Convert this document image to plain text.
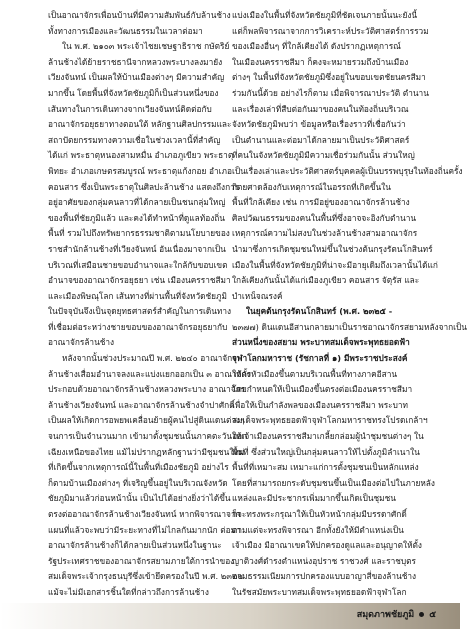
เป็นอาณาจักรเพื่อนบ้านที่มีความสัมพันธ์กับล้านช้าง
ทั้งทางการเมืองและวัฒนธรรมในเวลาต่อมา
ใน พ.ศ. ๒๑๐๓ พระเจ้าไชยเชษฐาธิราช กษัตริย์
ล้านช้างได้ย้ายราชธานีจากหลวงพระบางลงมายัง
เวียงจันทน์ เป็นผลให้บ้านเมืองต่างๆ มีความสำคัญ
มากขึ้น โดยพื้นที่จังหวัดชัยภูมิก็เป็นส่วนหนึ่งของ
เส้นทางในการเดินทางจากเวียงจันทน์ติดต่อกับ
อาณาจักรอยุธยาทางตอนใต้ หลักฐานศิลปกรรมและ
สถาปัตยกรรมทางความเชื่อในช่วงเวลานี้ที่สำคัญ
ได้แก่ พระธาตุหนองสามหมื่น อำเภอภูเขียว พระธาตุ
พิทยะ อำเภอเกษตรสมบูรณ์ พระธาตุแก้งกอย อำเภอ
คอนสาร ซึ่งเป็นพระธาตุในศิลปะล้านช้าง แสดงถึงการ
อยู่อาศัยของกลุ่มคนลาวที่ได้กลายเป็นชนกลุ่มใหญ่
ของพื้นที่ชัยภูมิแล้ว และคงได้ทำหน้าที่ดูแลท้องถิ่น
พื้นที่ รวมไปถึงทรัพยากรธรรมชาติตามนโยบายของ
ราชสำนักล้านช้างที่เวียงจันทน์ อันเนื่องมาจากเป็น
บริเวณที่เสมือนชายขอบอำนาจและใกล้กับขอบเขต
อำนาจของอาณาจักรอยุธยา เช่น เมืองนครราชสีมา
และเมืองพิษณุโลก เส้นทางที่ผ่านพื้นที่จังหวัดชัยภูมิ
ในปัจจุบันจึงเป็นจุดยุทธศาสตร์สำคัญในการเดินทาง
ที่เชื่อมต่อระหว่างชายขอบของอาณาจักรอยุธยากับ
อาณาจักรล้านช้าง
หลังจากนั้นช่วงประมาณปี พ.ศ. ๒๒๔๐ อาณาจักร
ล้านช้างเสื่อมอำนาจลงและแบ่งแยกออกเป็น ๓ อาณาจักร
ประกอบด้วยอาณาจักรล้านช้างหลวงพระบาง อาณาจักร
ล้านช้างเวียงจันทน์ และอาณาจักรล้านช้างจำปาศักดิ์
เป็นผลให้เกิดการอพยพเคลื่อนย้ายผู้คนไปสู่ดินแดนต่างๆ
จนการเป็นจำนวนมาก เข้ามาตั้งชุมชนนั้นภาคตะวันออก
เฉียงเหนือของไทย แม้ไม่ปรากฏหลักฐานว่ามีชุมชนใหม่
ที่เกิดขึ้นจากเหตุการณ์นี้ในพื้นที่เมืองชัยภูมิ อย่างไร
ก็ตามบ้านเมืองต่างๆ ที่เจริญขึ้นอยู่ในบริเวณจังหวัด
ชัยภูมิมาแล้วก่อนหน้านั้น เป็นไปได้อย่างยิ่งว่าได้ขึ้น
ตรงต่ออาณาจักรล้านช้างเวียงจันทน์ หากพิจารณาจาก
แผนที่แล้วจะพบว่ามีระยะทางที่ไม่ไกลกันมากนัก ต่อมา
อาณาจักรล้านช้างก็ได้กลายเป็นส่วนหนึ่งในฐานะ
รัฐประเทศราชของอาณาจักรสยามภายใต้การนำของ
สมเด็จพระเจ้ากรุงธนบุรีซึ่งเข้ายึดครองในปี พ.ศ. ๒๓๒๒
แม้จะไม่มีเอกสารชิ้นใดที่กล่าวถึงการล้านช้าง
แบ่งเมืองในพื้นที่จังหวัดชัยภูมิที่ชัดเจนภายนั้นนะยังนี้
แต่ก็พลพิจารณาจากการวิเคราะห์ประวัติศาสตร์การรวม
ของเมืองอื่นๆ ที่ใกล้เคียงได้ ดังปรากฏเหตุการณ์
ในเมืองนครราชสีมา ก็คงจะหมายรวมถึงบ้านเมือง
ต่างๆ ในพื้นที่จังหวัดชัยภูมิซึ่งอยู่ในขอบเขตชัยนครสีมา
ร่วมกันนี้ด้วย อย่างไรก็ตาม เมื่อพิจารณาประวัติ ตำนาน
และเรื่องเล่าที่สืบต่อกันมาของคนในท้องถิ่นบริเวณ
จังหวัดชัยภูมิพบว่า ข้อมูลหรือเรื่องราวที่เชื่อกันว่า
เป็นตำนานและต่อมาได้กลายมาเป็นประวัติศาสตร์
ที่คนในจังหวัดชัยภูมิมีความเชื่อร่วมกันนั้น ส่วนใหญ่
เป็นเรื่องเล่าและประวัติศาสตร์บุคคลผู้เป็นบรรพบุรุษในท้องถิ่นครั้ง
กิตยศาดล้องกับเหตุการณ์ในอรรถที่เกิดขึ้นใน
พื้นที่ใกล้เคียง เช่น การมีอยู่ของอาณาจักรล้านช้าง
ศิลปวัฒนธรรมของคนในพื้นที่ซึ่งอาจจะอิงกับตำนาน
เหตุการณ์ความไม่สงบในช่วงล้านช้างสามอาณาจักร
นำมาซึ่งการเกิดชุมชนใหม่ขึ้นในช่วงต้นกรุงรัตนโกสินทร์
เมืองในพื้นที่จังหวัดชัยภูมิที่น่าจะมีอายุเดิมถึงเวลานั้นได้แก่
ใกล้เคียงกันนั้นได้แก่เมืองภูเขียว คอนสาร จัตุรัส และ
บำเหน็จณรงค์
ในยุคต้นกรุงรัตนโกสินทร์ (พ.ศ. ๒๓๒๕ -
๒๓๗๗) ดินแดนอีสานกลายมาเป็นราชอาณาจักรสยามหลังจากเป็น
ส่วนหนึ่งของสยาม พระบาทสมเด็จพระพุทธยอดฟ้า
จุฬาโลกมหาราช (รัชกาลที่ ๑) มีพระราชประสงค์
ให้ตั้งหัวเมืองขึ้นตามบริเวณพื้นที่ทางภาคอีสาน
โดยกำหนดให้เป็นเมืองขึ้นตรงต่อเมืองนครราชสีมา
เพื่อให้เป็นกำลังพลของเมืองนครราชสีมา พระบาท
สมเด็จพระพุทธยอดฟ้าจุฬาโลกมหาราชทรงโปรดเกล้าฯ
ให้เจ้าเมืองนครราชสีมาเกลี้ยกล่อมผู้นำชุมชนต่างๆ ใน
พื้นที่ ซึ่งส่วนใหญ่เป็นกลุ่มคนลาวให้ไปตั้งภูมิลำเนาใน
พื้นที่ที่เหมาะสม เหมาะแก่การตั้งชุมชนเป็นหลักแหล่ง
โดยที่สามารถยกระดับชุมชนขึ้นเป็นเมืองต่อไปในภายหลัง
แหล่งและมีประชากรเพิ่มมากขึ้นเกิดเป็นชุมชน
ก็จะทรงพระกรุณาให้เป็นหัวหน้ากลุ่มมีบรรดาศักดิ์
ตามแต่จะทรงพิจารณา อีกทั้งยังให้มีตำแหน่งเป็น
เจ้าเมือง มีอาณาเขตให้ปกครองดูแลและอนุญาตให้ตั้ง
ญาติวงศ์ดำรงตำแหน่งอุปราช ราชวงศ์ และราชบุตร
ตามธรรมเนียมการปกครองแบบอาญาสี่ของล้านช้าง
ในรัชสมัยพระบาทสมเด็จพระพุทธยอดฟ้าจุฬาโลก
สมุดภาพชัยภูมิ ๕
